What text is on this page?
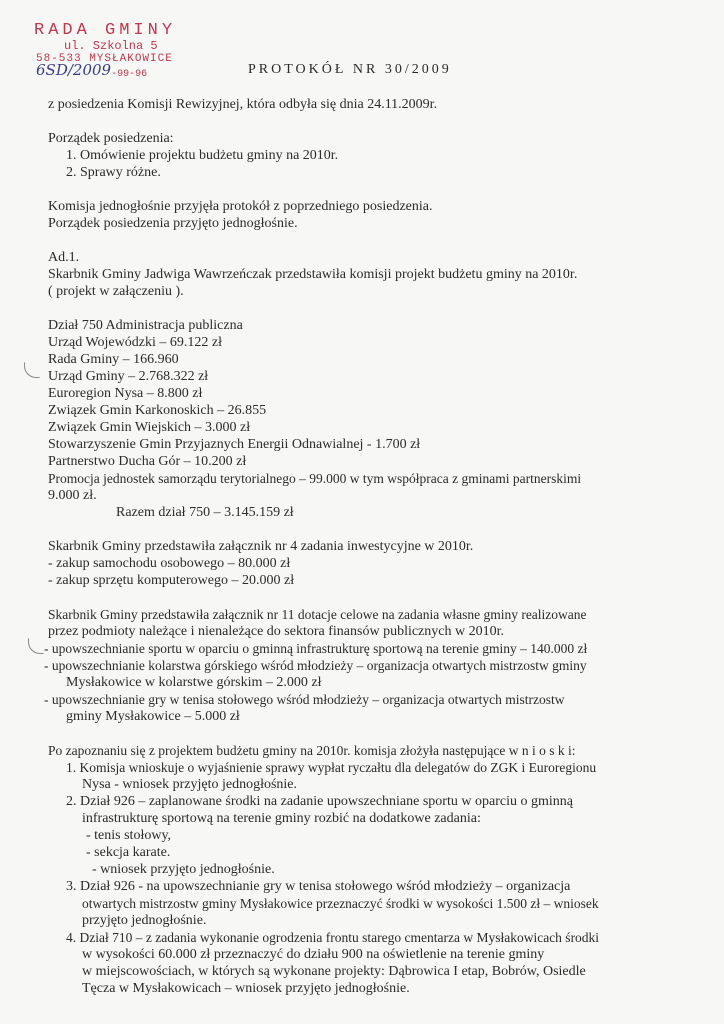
RADA GMINY
ul. Szkolna 5
58-533 MYSŁAKOWICE
6SD/2009-99-96	PROTOKÓŁ NR 30/2009
z posiedzenia Komisji Rewizyjnej, która odbyła się dnia 24.11.2009r.
Porządek posiedzenia:
1. Omówienie projektu budżetu gminy na 2010r.
2. Sprawy różne.
Komisja jednogłośnie przyjęła protokół z poprzedniego posiedzenia.
Porządek posiedzenia przyjęto jednogłośnie.
Ad.1.
Skarbnik Gminy Jadwiga Wawrzeńczak przedstawiła komisji projekt budżetu gminy na 2010r.
( projekt w załączeniu ).
Dział 750 Administracja publiczna
Urząd Wojewódzki – 69.122 zł
Rada Gminy – 166.960
Urząd Gminy – 2.768.322 zł
Euroregion Nysa – 8.800 zł
Związek Gmin Karkonoskich – 26.855
Związek Gmin Wiejskich – 3.000 zł
Stowarzyszenie Gmin Przyjaznych Energii Odnawialnej - 1.700 zł
Partnerstwo Ducha Gór – 10.200 zł
Promocja jednostek samorządu terytorialnego – 99.000 w tym współpraca z gminami partnerskimi
9.000 zł.
Razem dział 750 – 3.145.159 zł
Skarbnik Gminy przedstawiła załącznik nr 4 zadania inwestycyjne w 2010r.
- zakup samochodu osobowego – 80.000 zł
- zakup sprzętu komputerowego – 20.000 zł
Skarbnik Gminy przedstawiła załącznik nr 11 dotacje celowe na zadania własne gminy realizowane
przez podmioty należące i nienależące do sektora finansów publicznych w 2010r.
- upowszechnianie sportu w oparciu o gminną infrastrukturę sportową na terenie gminy – 140.000 zł
- upowszechnianie kolarstwa górskiego wśród młodzieży – organizacja otwartych mistrzostw gminy
Mysłakowice w kolarstwe górskim – 2.000 zł
- upowszechnianie gry w tenisa stołowego wśród młodzieży – organizacja otwartych mistrzostw
gminy Mysłakowice – 5.000 zł
Po zapoznaniu się z projektem budżetu gminy na 2010r. komisja złożyła następujące w n i o s k i:
1. Komisja wnioskuje o wyjaśnienie sprawy wypłat ryczałtu dla delegatów do ZGK i Euroregionu
Nysa - wniosek przyjęto jednogłośnie.
2. Dział 926 – zaplanowane środki na zadanie upowszechniane sportu w oparciu o gminną
infrastrukturę sportową na terenie gminy rozbić na dodatkowe zadania:
- tenis stołowy,
- sekcja karate.
- wniosek przyjęto jednogłośnie.
3. Dział 926 - na upowszechnianie gry w tenisa stołowego wśród młodzieży – organizacja
otwartych mistrzostw gminy Mysłakowice przeznaczyć środki w wysokości 1.500 zł – wniosek
przyjęto jednogłośnie.
4. Dział 710 – z zadania wykonanie ogrodzenia frontu starego cmentarza w Mysłakowicach środki
w wysokości 60.000 zł przeznaczyć do działu 900 na oświetlenie na terenie gminy
w miejscowościach, w których są wykonane projekty: Dąbrowica I etap, Bobrów, Osiedle
Tęcza w Mysłakowicach – wniosek przyjęto jednogłośnie.
